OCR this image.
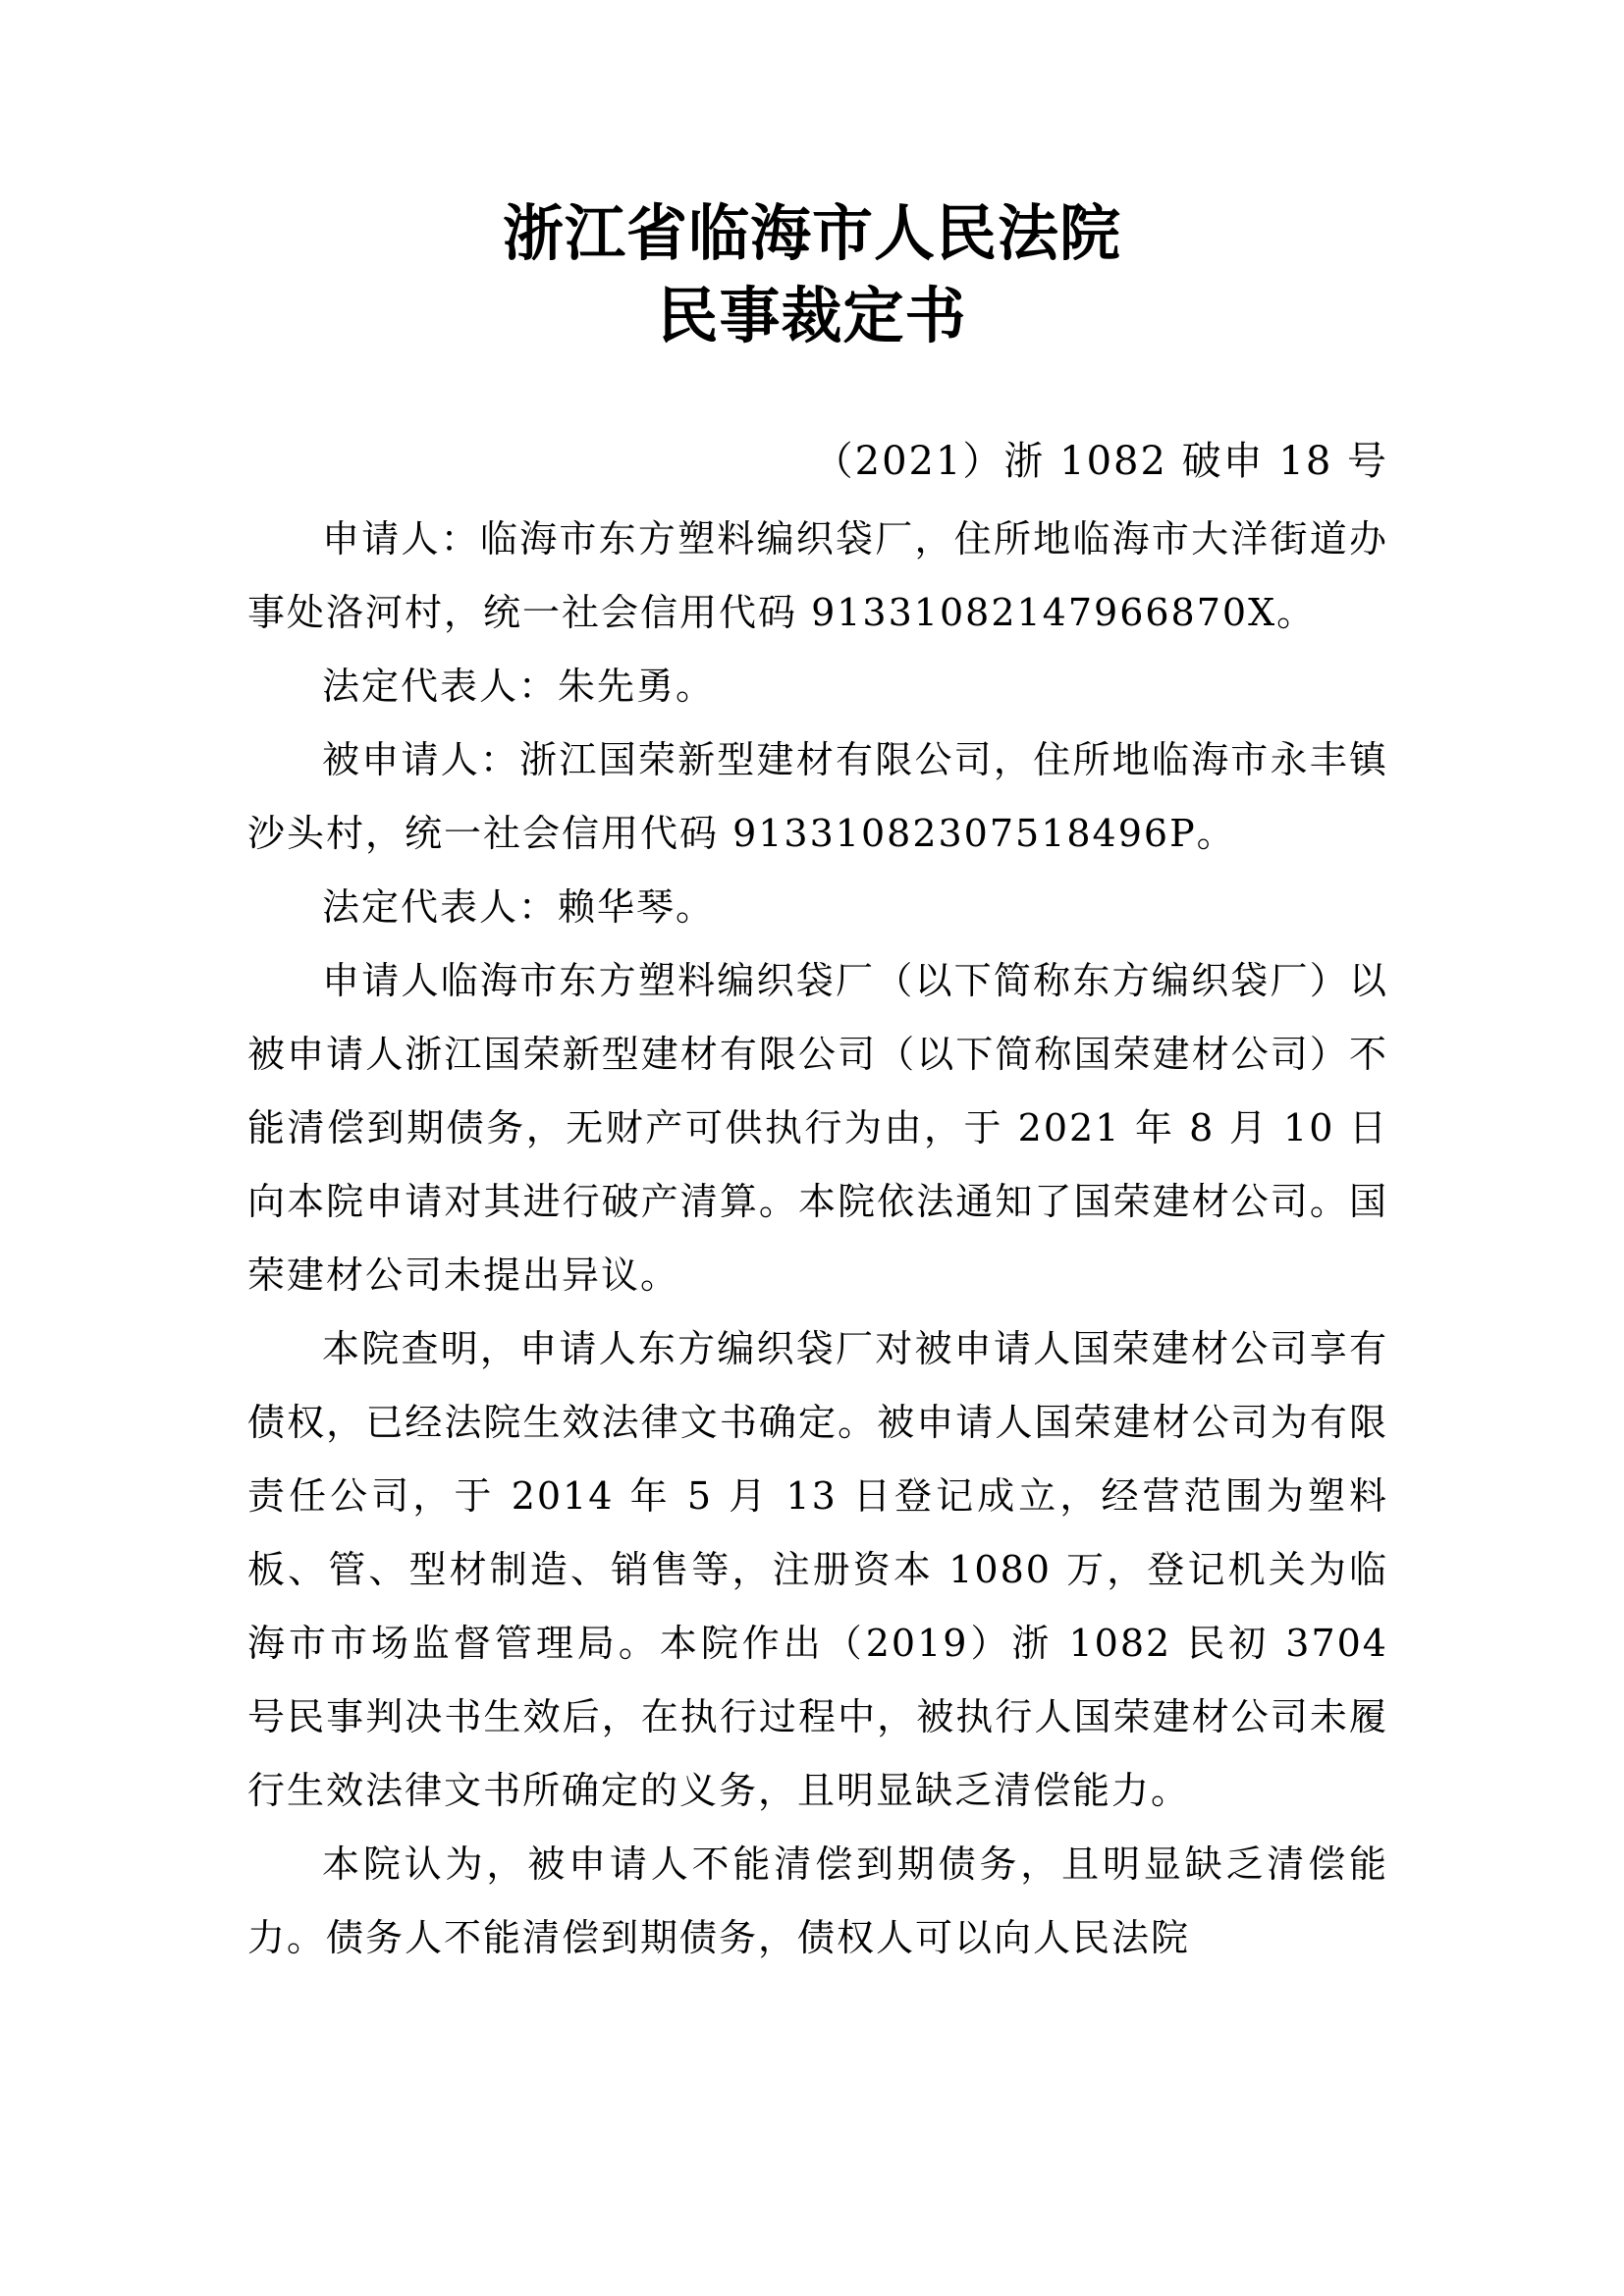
浙江省临海市人民法院
民事裁定书
（2021）浙 1082 破申 18 号

申请人：临海市东方塑料编织袋厂，住所地临海市大洋街道办事处洛河村，统一社会信用代码 91331082147966870X。

法定代表人：朱先勇。

被申请人：浙江国荣新型建材有限公司，住所地临海市永丰镇沙头村，统一社会信用代码 91331082307518496P。

法定代表人：赖华琴。

申请人临海市东方塑料编织袋厂（以下简称东方编织袋厂）以被申请人浙江国荣新型建材有限公司（以下简称国荣建材公司）不能清偿到期债务，无财产可供执行为由，于 2021 年 8 月 10 日向本院申请对其进行破产清算。本院依法通知了国荣建材公司。国荣建材公司未提出异议。

本院查明，申请人东方编织袋厂对被申请人国荣建材公司享有债权，已经法院生效法律文书确定。被申请人国荣建材公司为有限责任公司，于 2014 年 5 月 13 日登记成立，经营范围为塑料板、管、型材制造、销售等，注册资本 1080 万，登记机关为临海市市场监督管理局。本院作出（2019）浙 1082 民初 3704 号民事判决书生效后，在执行过程中，被执行人国荣建材公司未履行生效法律文书所确定的义务，且明显缺乏清偿能力。

本院认为，被申请人不能清偿到期债务，且明显缺乏清偿能力。债务人不能清偿到期债务，债权人可以向人民法院
